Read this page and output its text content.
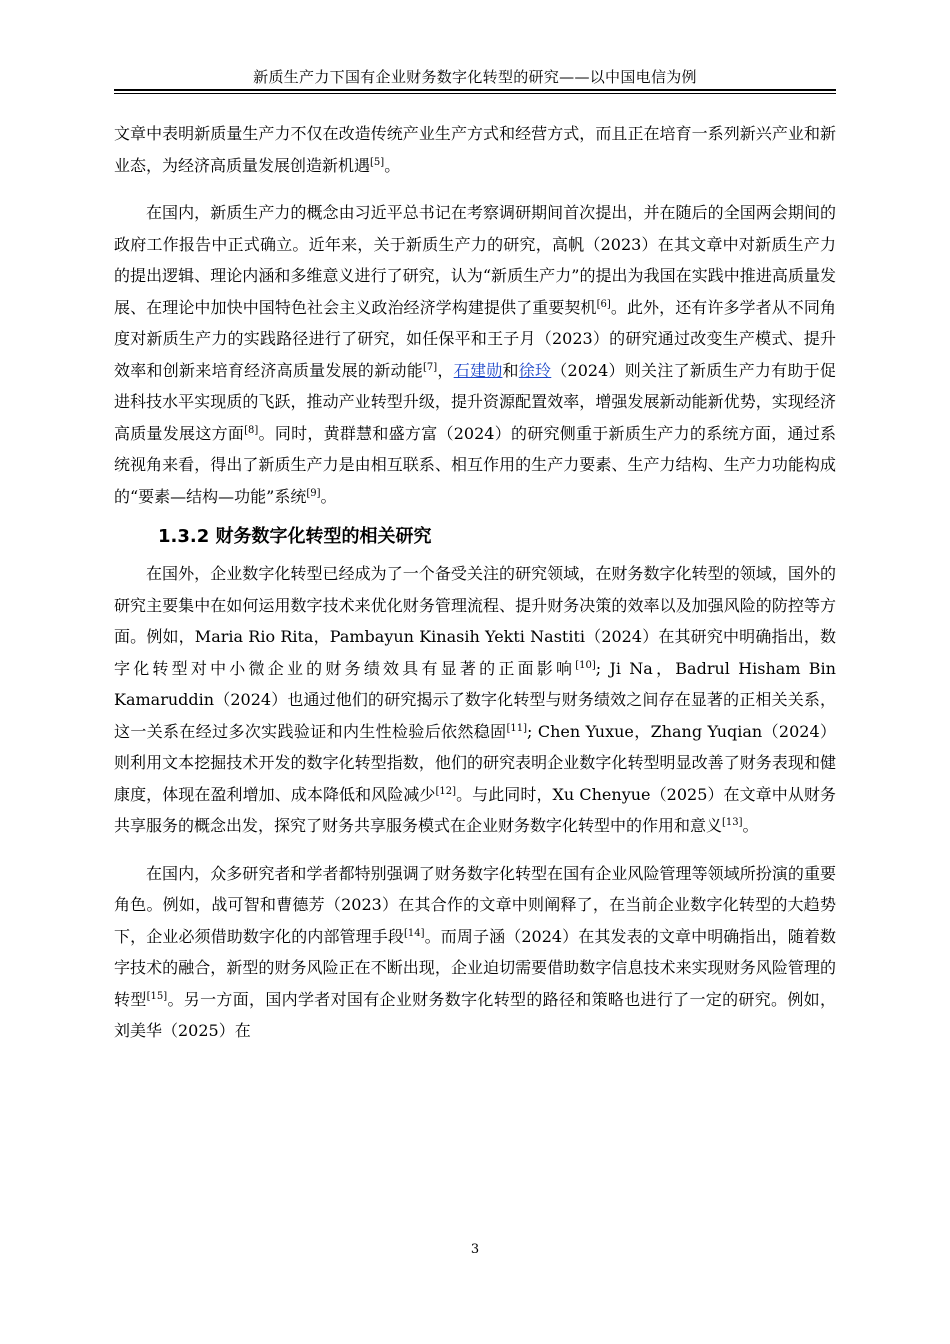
新质生产力下国有企业财务数字化转型的研究——以中国电信为例

文章中表明新质量生产力不仅在改造传统产业生产方式和经营方式，而且正在培育一系列新兴产业和新业态，为经济高质量发展创造新机遇[5]。

在国内，新质生产力的概念由习近平总书记在考察调研期间首次提出，并在随后的全国两会期间的政府工作报告中正式确立。近年来，关于新质生产力的研究，高帆（2023）在其文章中对新质生产力的提出逻辑、理论内涵和多维意义进行了研究，认为“新质生产力”的提出为我国在实践中推进高质量发展、在理论中加快中国特色社会主义政治经济学构建提供了重要契机[6]。此外，还有许多学者从不同角度对新质生产力的实践路径进行了研究，如任保平和王子月（2023）的研究通过改变生产模式、提升效率和创新来培育经济高质量发展的新动能[7]，石建勋和徐玲（2024）则关注了新质生产力有助于促进科技水平实现质的飞跃，推动产业转型升级，提升资源配置效率，增强发展新动能新优势，实现经济高质量发展这方面[8]。同时，黄群慧和盛方富（2024）的研究侧重于新质生产力的系统方面，通过系统视角来看，得出了新质生产力是由相互联系、相互作用的生产力要素、生产力结构、生产力功能构成的“要素—结构—功能”系统[9]。

1.3.2 财务数字化转型的相关研究

在国外，企业数字化转型已经成为了一个备受关注的研究领域，在财务数字化转型的领域，国外的研究主要集中在如何运用数字技术来优化财务管理流程、提升财务决策的效率以及加强风险的防控等方面。例如，Maria Rio Rita，Pambayun Kinasih Yekti Nastiti（2024）在其研究中明确指出，数字化转型对中小微企业的财务绩效具有显著的正面影响[10]; Ji Na，Badrul Hisham Bin Kamaruddin（2024）也通过他们的研究揭示了数字化转型与财务绩效之间存在显著的正相关关系，这一关系在经过多次实践验证和内生性检验后依然稳固[11]; Chen Yuxue，Zhang Yuqian（2024）则利用文本挖掘技术开发的数字化转型指数，他们的研究表明企业数字化转型明显改善了财务表现和健康度，体现在盈利增加、成本降低和风险减少[12]。与此同时，Xu Chenyue（2025）在文章中从财务共享服务的概念出发，探究了财务共享服务模式在企业财务数字化转型中的作用和意义[13]。

在国内，众多研究者和学者都特别强调了财务数字化转型在国有企业风险管理等领域所扮演的重要角色。例如，战可智和曹德芳（2023）在其合作的文章中则阐释了，在当前企业数字化转型的大趋势下，企业必须借助数字化的内部管理手段[14]。而周子涵（2024）在其发表的文章中明确指出，随着数字技术的融合，新型的财务风险正在不断出现，企业迫切需要借助数字信息技术来实现财务风险管理的转型[15]。另一方面，国内学者对国有企业财务数字化转型的路径和策略也进行了一定的研究。例如，刘美华（2025）在

3
